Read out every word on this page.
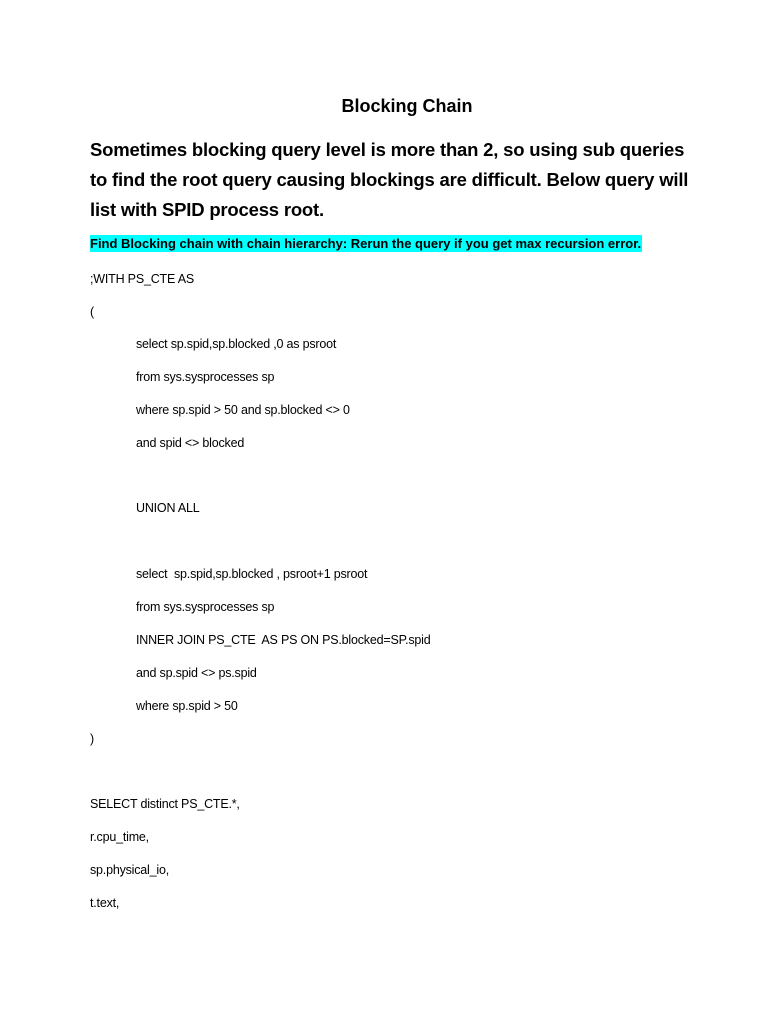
Blocking Chain
Sometimes blocking query level is more than 2, so using sub queries
to find the root query causing blockings are difficult. Below query will
list with SPID process root.
Find Blocking chain with chain hierarchy: Rerun the query if you get max recursion error.
;WITH PS_CTE AS
(
select sp.spid,sp.blocked ,0 as psroot
from sys.sysprocesses sp
where sp.spid > 50 and sp.blocked <> 0
and spid <> blocked
UNION ALL
select  sp.spid,sp.blocked , psroot+1 psroot
from sys.sysprocesses sp
INNER JOIN PS_CTE  AS PS ON PS.blocked=SP.spid
and sp.spid <> ps.spid
where sp.spid > 50
)
SELECT distinct PS_CTE.*,
r.cpu_time,
sp.physical_io,
t.text,
